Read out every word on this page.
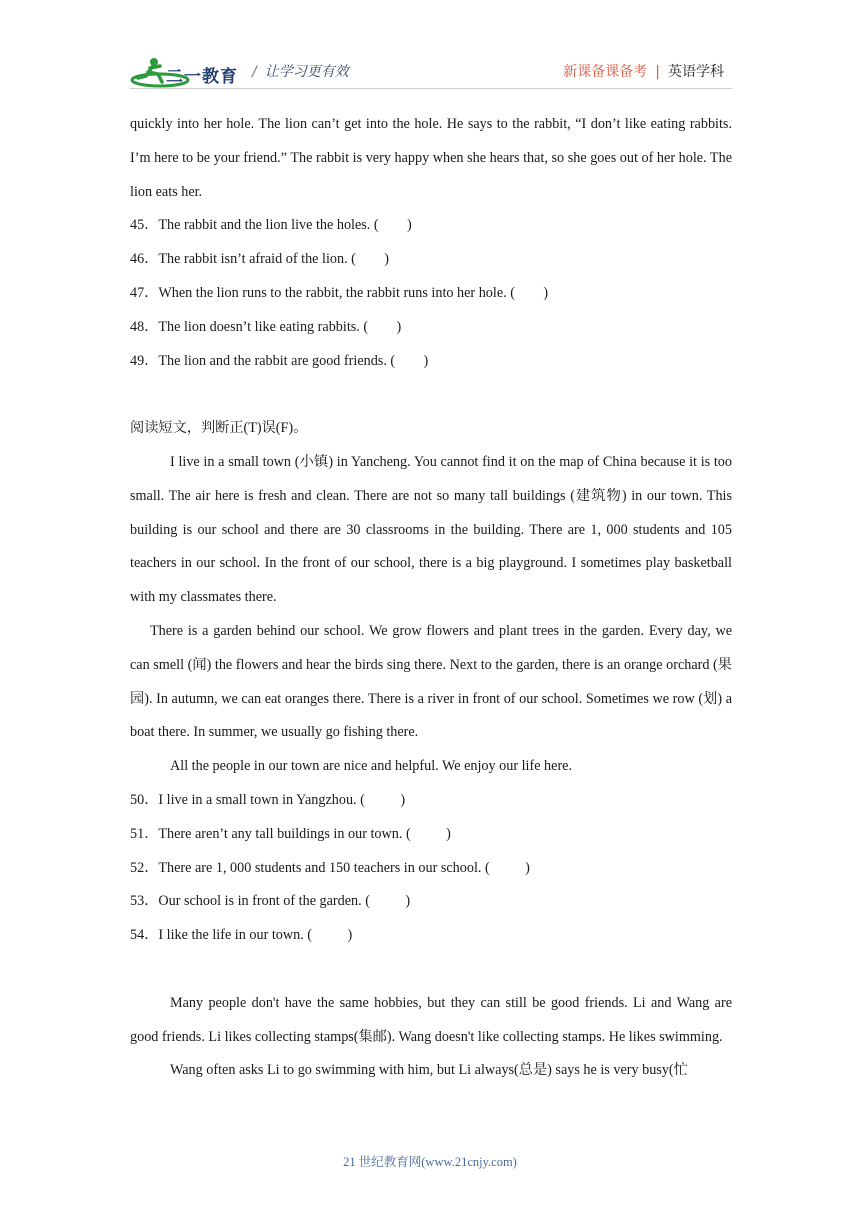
二一教育 / 让学习更有效	新课备课备考 | 英语学科

quickly into her hole. The lion can’t get into the hole. He says to the rabbit, “I don’t like eating rabbits. I’m here to be your friend.” The rabbit is very happy when she hears that, so she goes out of her hole. The lion eats her.

45．The rabbit and the lion live the holes. (        )

46．The rabbit isn’t afraid of the lion. (        )

47．When the lion runs to the rabbit, the rabbit runs into her hole. (        )

48．The lion doesn’t like eating rabbits. (        )

49．The lion and the rabbit are good friends. (        )

阅读短文，判断正(T)误(F)。

I live in a small town (小镇) in Yancheng. You cannot find it on the map of China because it is too small. The air here is fresh and clean. There are not so many tall buildings (建筑物) in our town. This building is our school and there are 30 classrooms in the building. There are 1, 000 students and 105 teachers in our school. In the front of our school, there is a big playground. I sometimes play basketball with my classmates there.

There is a garden behind our school. We grow flowers and plant trees in the garden. Every day, we can smell (闻) the flowers and hear the birds sing there. Next to the garden, there is an orange orchard (果园). In autumn, we can eat oranges there. There is a river in front of our school. Sometimes we row (划) a boat there. In summer, we usually go fishing there.

All the people in our town are nice and helpful. We enjoy our life here.

50．I live in a small town in Yangzhou. (          )

51．There aren’t any tall buildings in our town. (          )

52．There are 1, 000 students and 150 teachers in our school. (          )

53．Our school is in front of the garden. (          )

54．I like the life in our town. (          )

Many people don't have the same hobbies, but they can still be good friends. Li and Wang are good friends. Li likes collecting stamps(集邮). Wang doesn't like collecting stamps. He likes swimming.

Wang often asks Li to go swimming with him, but Li always(总是) says he is very busy(忙

21 世纪教育网(www.21cnjy.com)
